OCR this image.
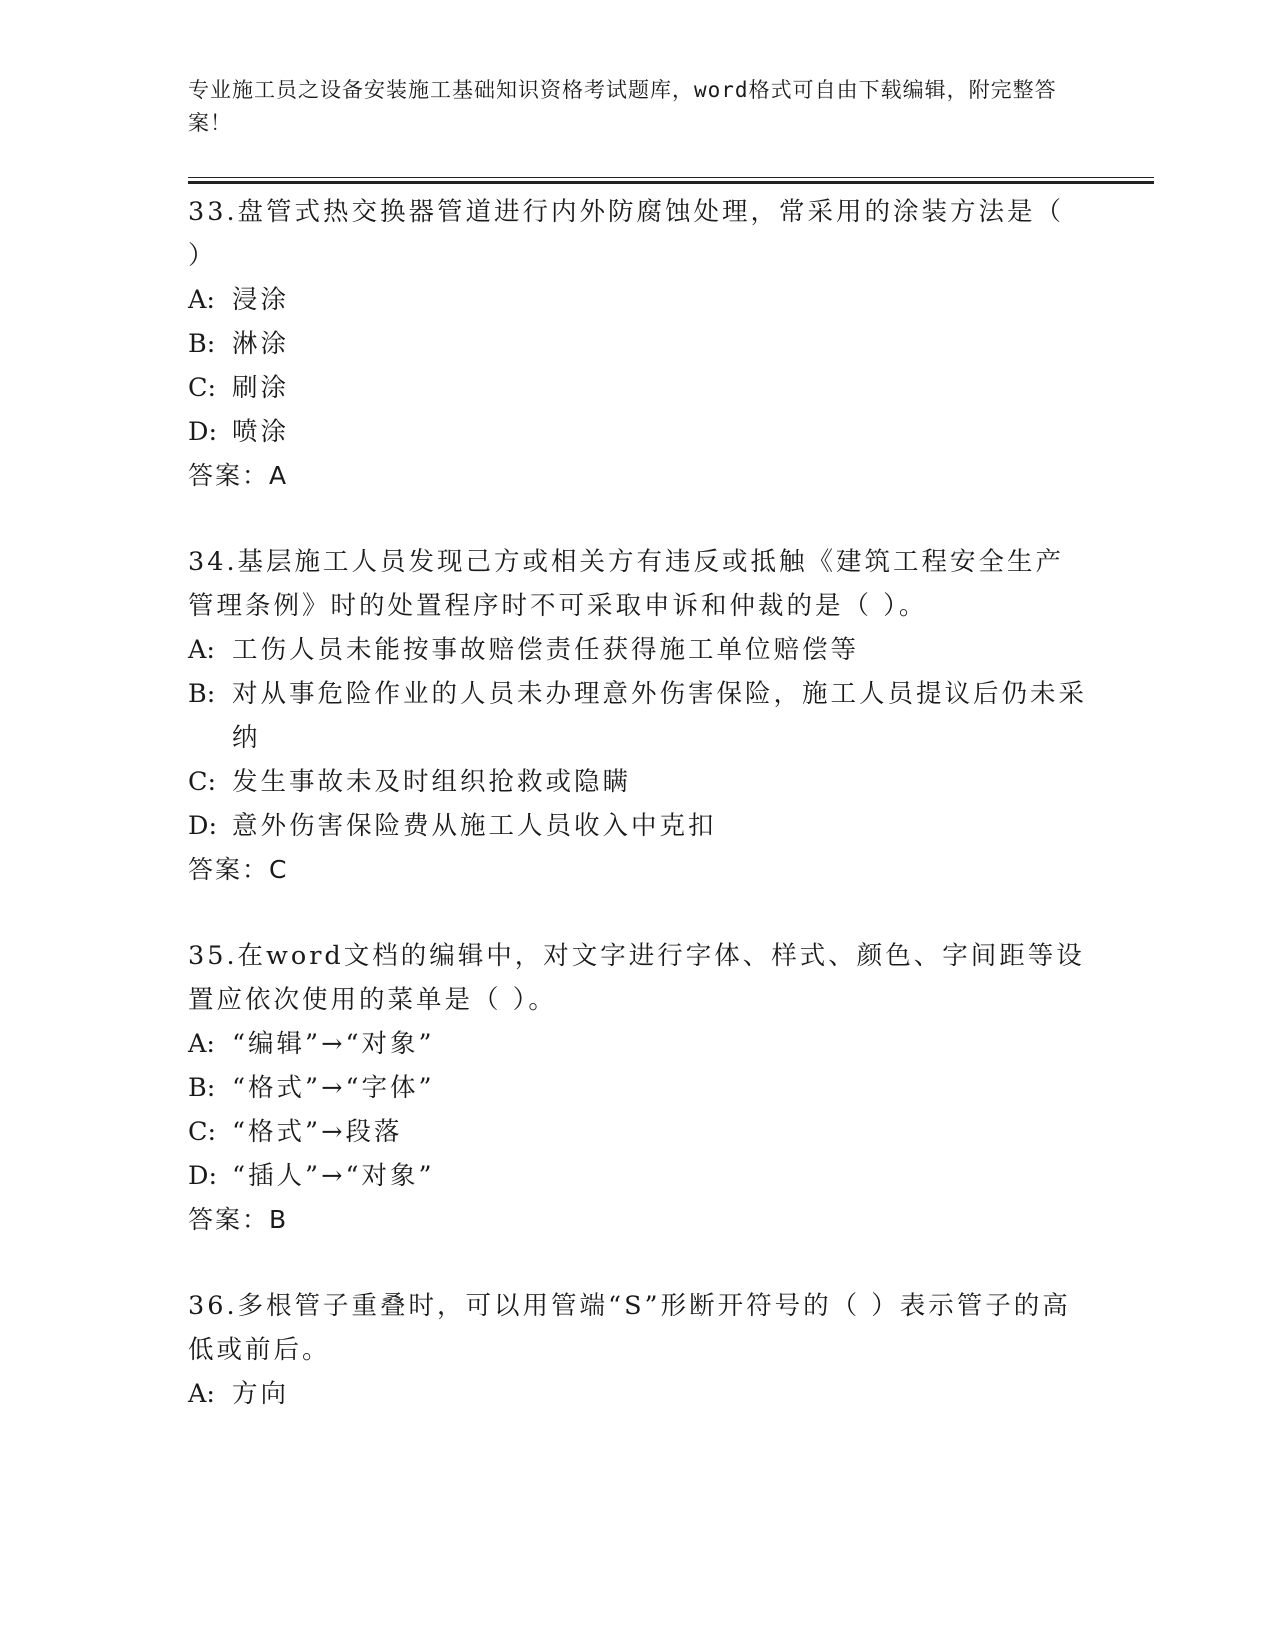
专业施工员之设备安装施工基础知识资格考试题库，word格式可自由下载编辑，附完整答案！

33.盘管式热交换器管道进行内外防腐蚀处理，常采用的涂装方法是（ ）

A: 浸涂
B: 淋涂
C: 刷涂
D: 喷涂

答案：A

34.基层施工人员发现己方或相关方有违反或抵触《建筑工程安全生产管理条例》时的处置程序时不可采取申诉和仲裁的是（ ）。

A: 工伤人员未能按事故赔偿责任获得施工单位赔偿等
B: 对从事危险作业的人员未办理意外伤害保险，施工人员提议后仍未采纳
C: 发生事故未及时组织抢救或隐瞒
D: 意外伤害保险费从施工人员收入中克扣

答案：C

35.在word文档的编辑中，对文字进行字体、样式、颜色、字间距等设置应依次使用的菜单是（ ）。

A: “编辑”→“对象”
B: “格式”→“字体”
C: “格式”→段落
D: “插人”→“对象”

答案：B

36.多根管子重叠时，可以用管端“S”形断开符号的（ ）表示管子的高低或前后。

A: 方向
